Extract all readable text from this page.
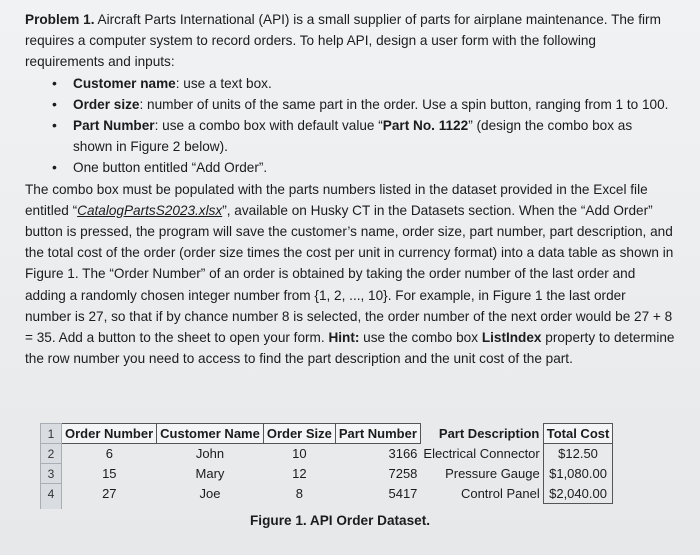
Problem 1. Aircraft Parts International (API) is a small supplier of parts for airplane maintenance. The firm requires a computer system to record orders. To help API, design a user form with the following requirements and inputs:

• Customer name: use a text box.
• Order size: number of units of the same part in the order. Use a spin button, ranging from 1 to 100.
• Part Number: use a combo box with default value “Part No. 1122” (design the combo box as shown in Figure 2 below).
• One button entitled “Add Order”.

The combo box must be populated with the parts numbers listed in the dataset provided in the Excel file entitled “CatalogPartsS2023.xlsx”, available on Husky CT in the Datasets section. When the “Add Order” button is pressed, the program will save the customer’s name, order size, part number, part description, and the total cost of the order (order size times the cost per unit in currency format) into a data table as shown in Figure 1. The “Order Number” of an order is obtained by taking the order number of the last order and adding a randomly chosen integer number from {1, 2, ..., 10}. For example, in Figure 1 the last order number is 27, so that if by chance number 8 is selected, the order number of the next order would be 27 + 8 = 35. Add a button to the sheet to open your form. Hint: use the combo box ListIndex property to determine the row number you need to access to find the part description and the unit cost of the part.

1	Order Number	Customer Name	Order Size	Part Number	Part Description	Total Cost
2	6	John	10	3166	Electrical Connector	$12.50
3	15	Mary	12	7258	Pressure Gauge	$1,080.00
4	27	Joe	8	5417	Control Panel	$2,040.00
Figure 1. API Order Dataset.
